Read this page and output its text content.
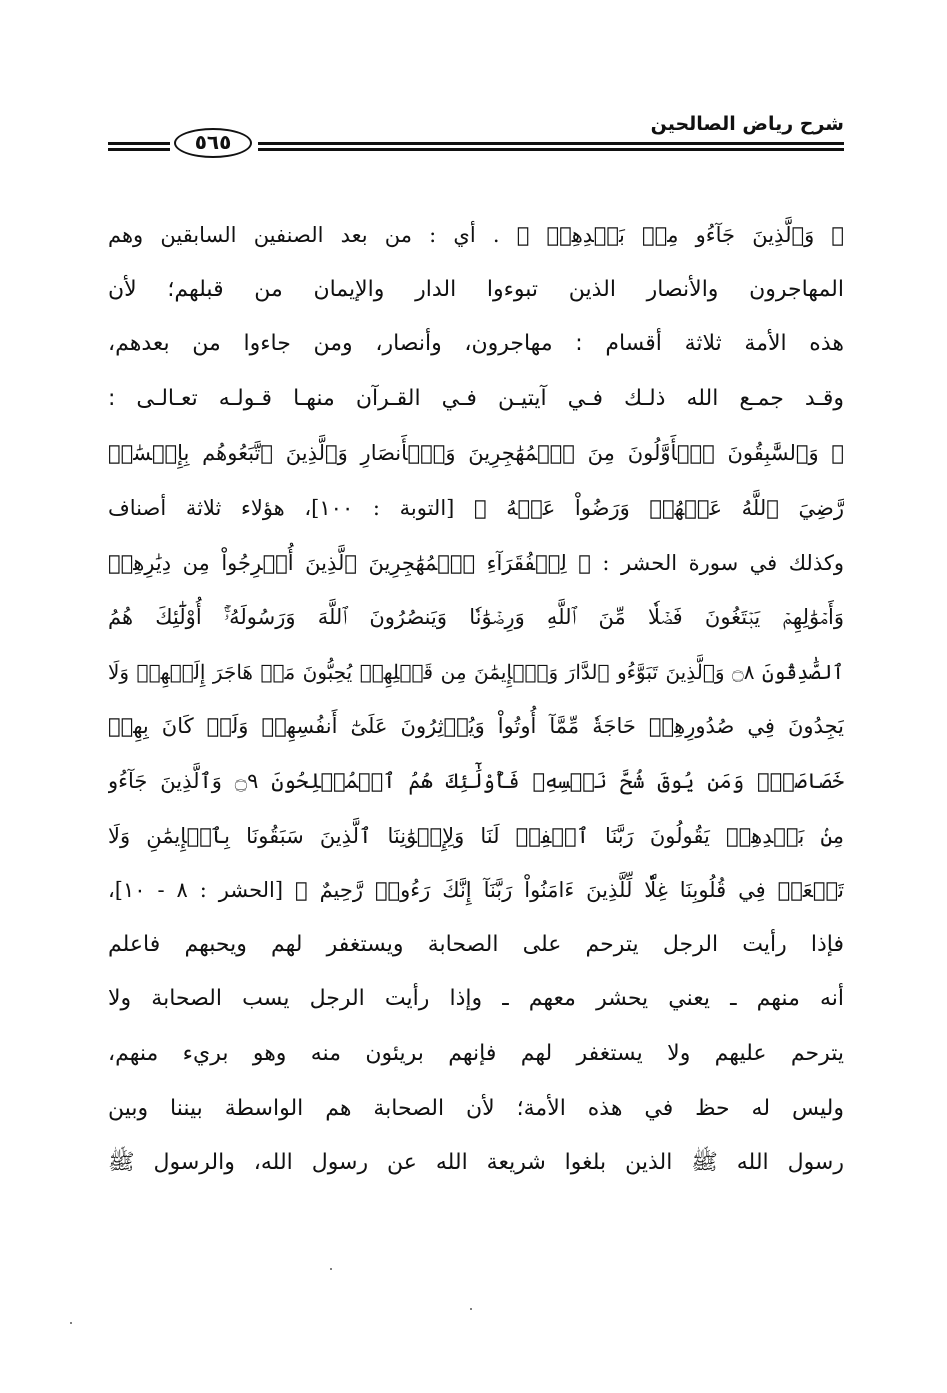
شرح رياض الصالحين
٥٦٥
﴿ وَٱلَّذِينَ جَآءُو مِنۢ بَعۡدِهِمۡ ﴾ . أي : من بعد الصنفين السابقين وهم
المهاجرون والأنصار الذين تبوءوا الدار والإيمان من قبلهم؛ لأن
هذه الأمة ثلاثة أقسام : مهاجرون، وأنصار، ومن جاءوا من بعدهم،
وقـد جمـع الله ذلـك فـي آيتيـن فـي القـرآن منهـا قـولـه تعـالـى :
﴿ وَٱلسَّٰبِقُونَ ٱلۡأَوَّلُونَ مِنَ ٱلۡمُهَٰجِرِينَ وَٱلۡأَنصَارِ وَٱلَّذِينَ ٱتَّبَعُوهُم بِإِحۡسَٰنٖ
رَّضِيَ ٱللَّهُ عَنۡهُمۡ وَرَضُواْ عَنۡهُ ﴾ [التوبة : ١٠٠]، هؤلاء ثلاثة أصناف
وكذلك في سورة الحشر : ﴿ لِلۡفُقَرَآءِ ٱلۡمُهَٰجِرِينَ ٱلَّذِينَ أُخۡرِجُواْ مِن دِيَٰرِهِمۡ
وَأَمۡوَٰلِهِمۡ يَبۡتَغُونَ فَضۡلٗا مِّنَ ٱللَّهِ وَرِضۡوَٰنٗا وَيَنصُرُونَ ٱللَّهَ وَرَسُولَهُۥٓۚ أُوْلَٰٓئِكَ هُمُ
ٱلصَّٰدِقُونَ ۝٨ وَٱلَّذِينَ تَبَوَّءُو ٱلدَّارَ وَٱلۡإِيمَٰنَ مِن قَبۡلِهِمۡ يُحِبُّونَ مَنۡ هَاجَرَ إِلَيۡهِمۡ وَلَا
يَجِدُونَ فِي صُدُورِهِمۡ حَاجَةٗ مِّمَّآ أُوتُواْ وَيُؤۡثِرُونَ عَلَىٰٓ أَنفُسِهِمۡ وَلَوۡ كَانَ بِهِمۡ
خَصَاصَةٞۚ وَمَن يُوقَ شُحَّ نَفۡسِهِۦ فَأُوْلَٰٓئِكَ هُمُ ٱلۡمُفۡلِحُونَ ۝٩ وَٱلَّذِينَ جَآءُو
مِنۢ بَعۡدِهِمۡ يَقُولُونَ رَبَّنَا ٱغۡفِرۡ لَنَا وَلِإِخۡوَٰنِنَا ٱلَّذِينَ سَبَقُونَا بِٱلۡإِيمَٰنِ وَلَا
تَجۡعَلۡ فِي قُلُوبِنَا غِلّٗا لِّلَّذِينَ ءَامَنُواْ رَبَّنَآ إِنَّكَ رَءُوفٞ رَّحِيمٌ ﴾ [الحشر : ٨ - ١٠]،
فإذا رأيت الرجل يترحم على الصحابة ويستغفر لهم ويحبهم فاعلم
أنه منهم ـ يعني يحشر معهم ـ وإذا رأيت الرجل يسب الصحابة ولا
يترحم عليهم ولا يستغفر لهم فإنهم بريئون منه وهو بريء منهم،
وليس له حظ في هذه الأمة؛ لأن الصحابة هم الواسطة بيننا وبين
رسول الله ﷺ الذين بلغوا شريعة الله عن رسول الله، والرسول ﷺ
